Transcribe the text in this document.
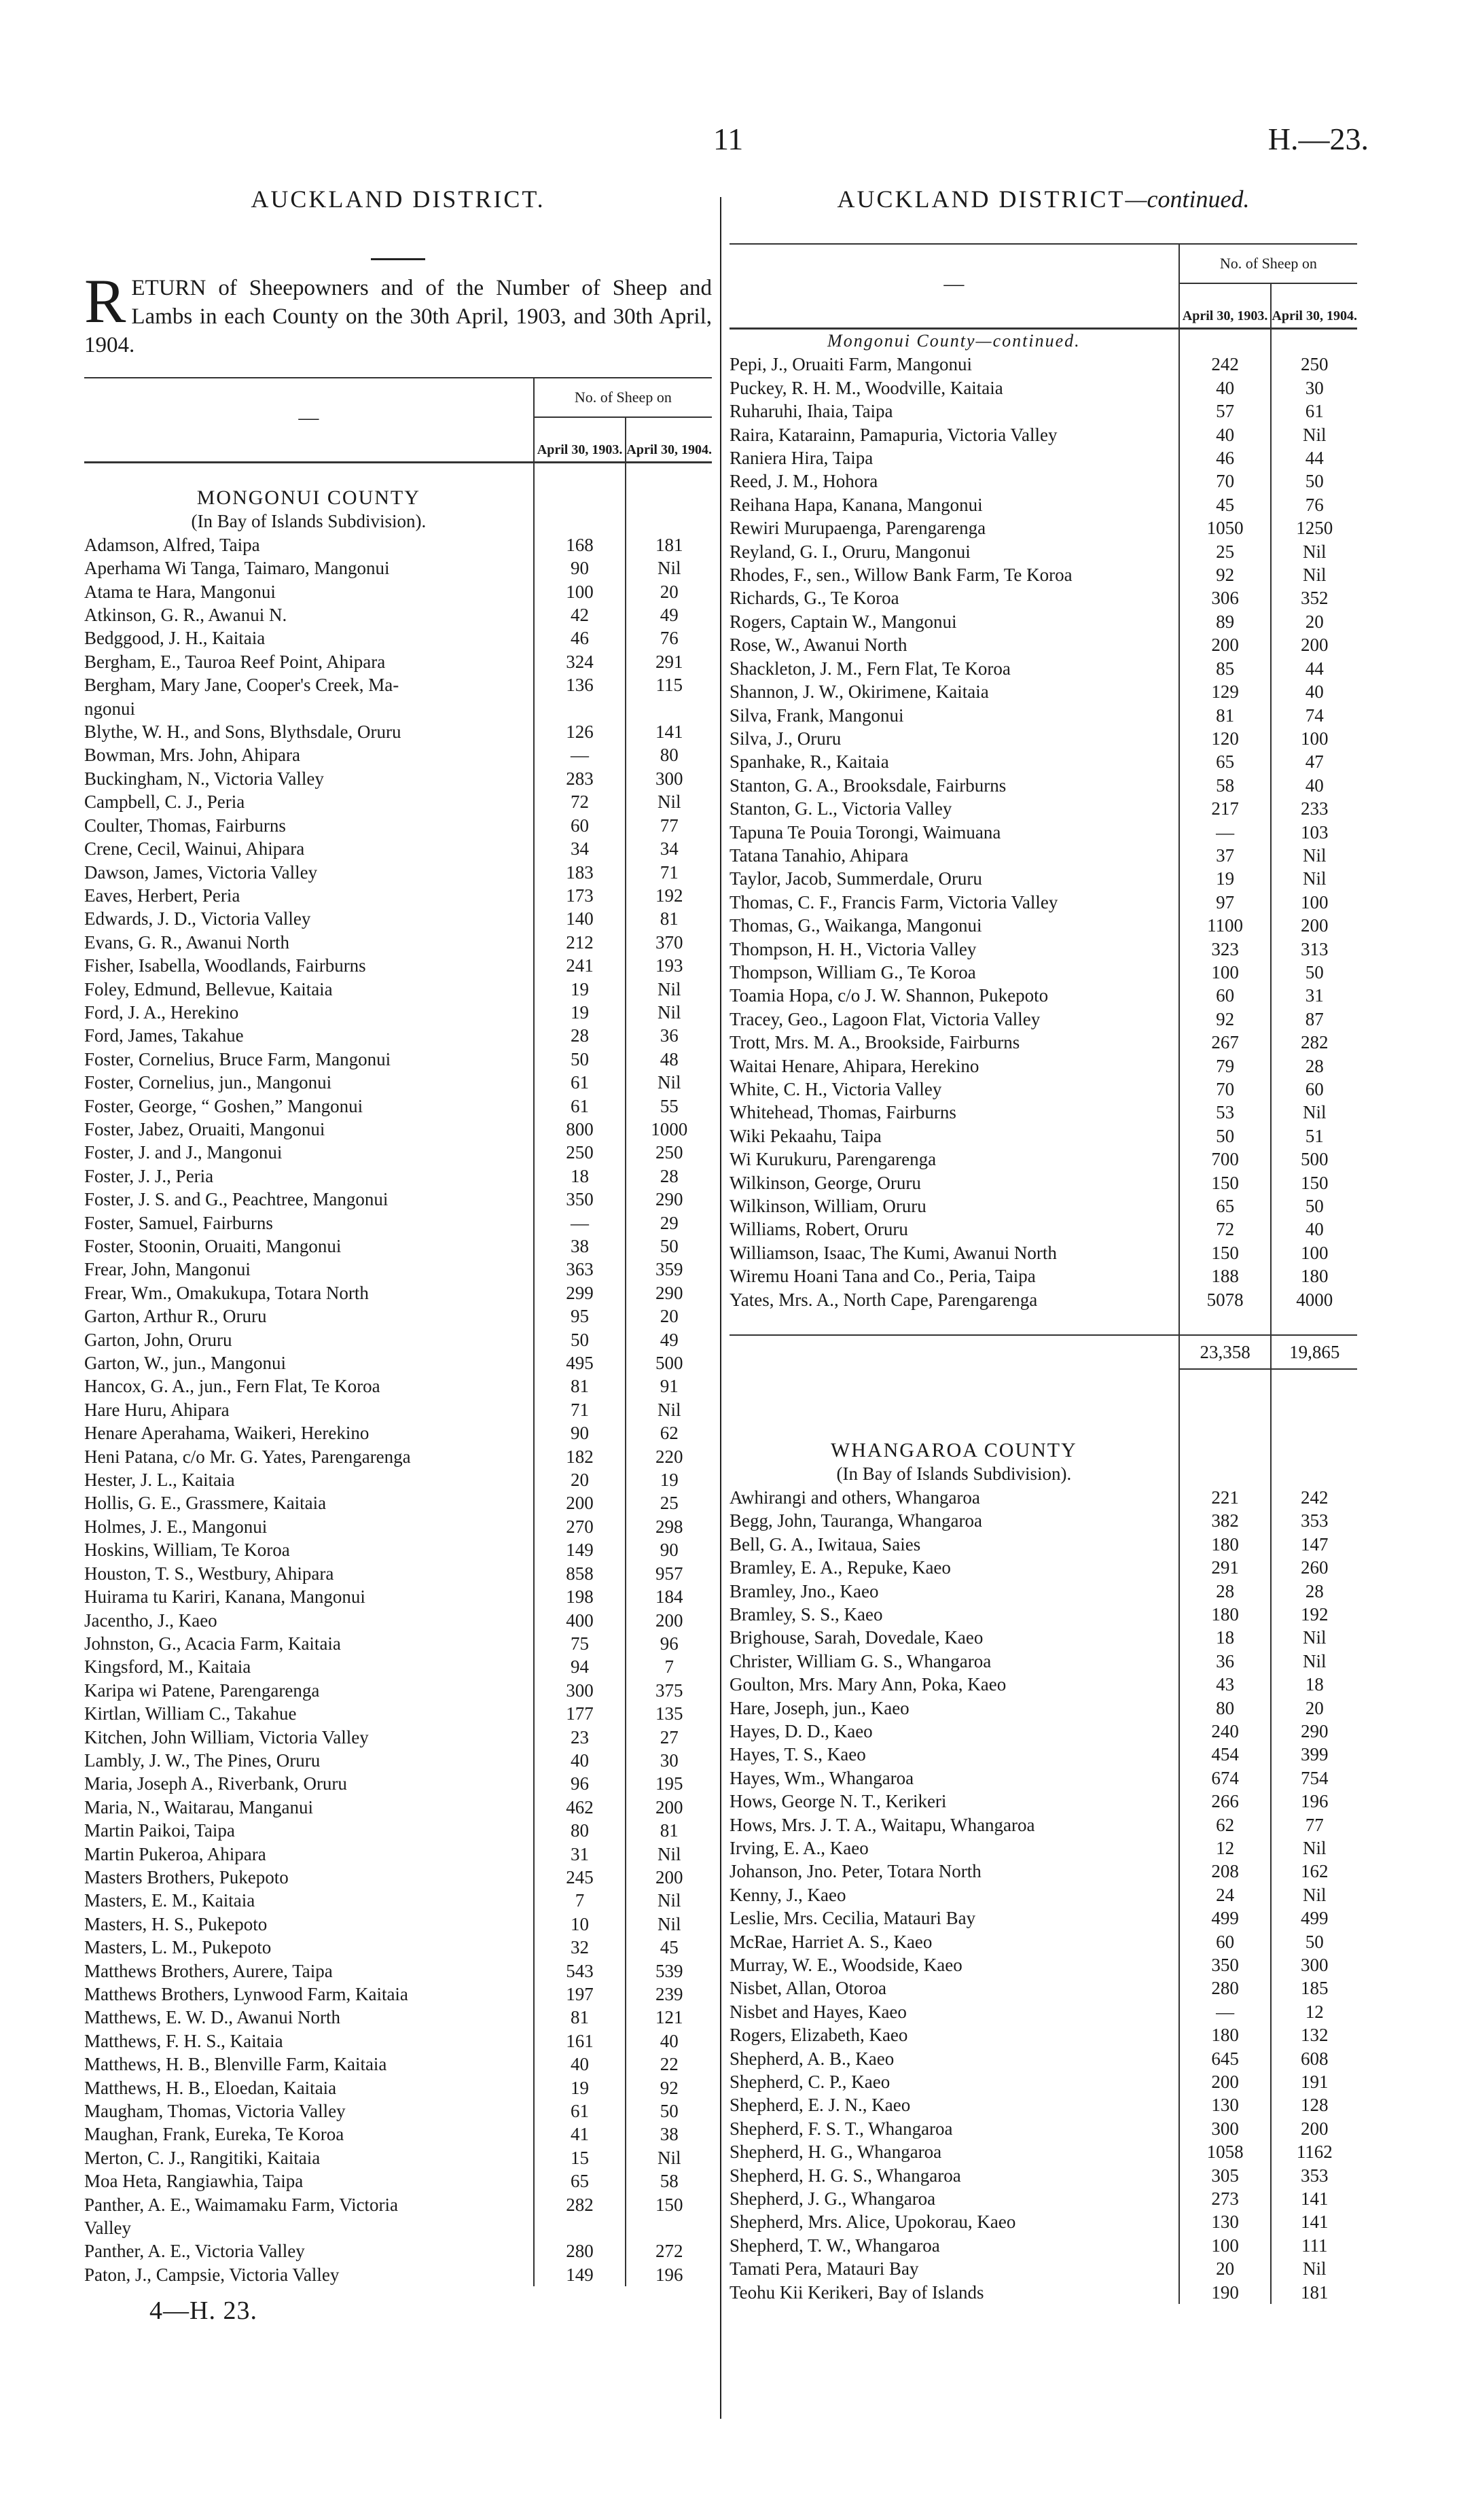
11	H.—23.
AUCKLAND DISTRICT.
R ETURN of Sheepowners and of the Number of Sheep and Lambs in each County on the 30th April, 1903, and 30th April, 1904.
—	No. of Sheep on	
	April 30, 1903.	April 30, 1904.

MONGONUI COUNTY		
(In Bay of Islands Subdivision).		

Adamson, Alfred, Taipa	168	181

Aperhama Wi Tanga, Taimaro, Mangonui	90	Nil

Atama te Hara, Mangonui	100	20

Atkinson, G. R., Awanui N.	42	49

Bedggood, J. H., Kaitaia	46	76

Bergham, E., Tauroa Reef Point, Ahipara	324	291

Bergham, Mary Jane, Cooper's Creek, Ma-	136	115

ngonui		

Blythe, W. H., and Sons, Blythsdale, Oruru	126	141

Bowman, Mrs. John, Ahipara	—	80

Buckingham, N., Victoria Valley	283	300

Campbell, C. J., Peria	72	Nil

Coulter, Thomas, Fairburns	60	77

Crene, Cecil, Wainui, Ahipara	34	34

Dawson, James, Victoria Valley	183	71

Eaves, Herbert, Peria	173	192

Edwards, J. D., Victoria Valley	140	81

Evans, G. R., Awanui North	212	370

Fisher, Isabella, Woodlands, Fairburns	241	193

Foley, Edmund, Bellevue, Kaitaia	19	Nil

Ford, J. A., Herekino	19	Nil

Ford, James, Takahue	28	36

Foster, Cornelius, Bruce Farm, Mangonui	50	48

Foster, Cornelius, jun., Mangonui	61	Nil

Foster, George, “ Goshen,” Mangonui	61	55

Foster, Jabez, Oruaiti, Mangonui	800	1000

Foster, J. and J., Mangonui	250	250

Foster, J. J., Peria	18	28

Foster, J. S. and G., Peachtree, Mangonui	350	290

Foster, Samuel, Fairburns	—	29

Foster, Stoonin, Oruaiti, Mangonui	38	50

Frear, John, Mangonui	363	359

Frear, Wm., Omakukupa, Totara North	299	290

Garton, Arthur R., Oruru	95	20

Garton, John, Oruru	50	49

Garton, W., jun., Mangonui	495	500

Hancox, G. A., jun., Fern Flat, Te Koroa	81	91

Hare Huru, Ahipara	71	Nil

Henare Aperahama, Waikeri, Herekino	90	62

Heni Patana, c/o Mr. G. Yates, Parengarenga	182	220

Hester, J. L., Kaitaia	20	19

Hollis, G. E., Grassmere, Kaitaia	200	25

Holmes, J. E., Mangonui	270	298

Hoskins, William, Te Koroa	149	90

Houston, T. S., Westbury, Ahipara	858	957

Huirama tu Kariri, Kanana, Mangonui	198	184

Jacentho, J., Kaeo	400	200

Johnston, G., Acacia Farm, Kaitaia	75	96

Kingsford, M., Kaitaia	94	7

Karipa wi Patene, Parengarenga	300	375

Kirtlan, William C., Takahue	177	135

Kitchen, John William, Victoria Valley	23	27

Lambly, J. W., The Pines, Oruru	40	30

Maria, Joseph A., Riverbank, Oruru	96	195

Maria, N., Waitarau, Manganui	462	200

Martin Paikoi, Taipa	80	81

Martin Pukeroa, Ahipara	31	Nil

Masters Brothers, Pukepoto	245	200

Masters, E. M., Kaitaia	7	Nil

Masters, H. S., Pukepoto	10	Nil

Masters, L. M., Pukepoto	32	45

Matthews Brothers, Aurere, Taipa	543	539

Matthews Brothers, Lynwood Farm, Kaitaia	197	239

Matthews, E. W. D., Awanui North	81	121

Matthews, F. H. S., Kaitaia	161	40

Matthews, H. B., Blenville Farm, Kaitaia	40	22

Matthews, H. B., Eloedan, Kaitaia	19	92

Maugham, Thomas, Victoria Valley	61	50

Maughan, Frank, Eureka, Te Koroa	41	38

Merton, C. J., Rangitiki, Kaitaia	15	Nil

Moa Heta, Rangiawhia, Taipa	65	58

Panther, A. E., Waimamaku Farm, Victoria	282	150

Valley		

Panther, A. E., Victoria Valley	280	272

Paton, J., Campsie, Victoria Valley	149	196
4—H. 23.
AUCKLAND DISTRICT—continued.
—	No. of Sheep on	
	April 30, 1903.	April 30, 1904.

Mongonui County—continued.		

Pepi, J., Oruaiti Farm, Mangonui	242	250

Puckey, R. H. M., Woodville, Kaitaia	40	30

Ruharuhi, Ihaia, Taipa	57	61

Raira, Katarainn, Pamapuria, Victoria Valley	40	Nil

Raniera Hira, Taipa	46	44

Reed, J. M., Hohora	70	50

Reihana Hapa, Kanana, Mangonui	45	76

Rewiri Murupaenga, Parengarenga	1050	1250

Reyland, G. I., Oruru, Mangonui	25	Nil

Rhodes, F., sen., Willow Bank Farm, Te Koroa	92	Nil

Richards, G., Te Koroa	306	352

Rogers, Captain W., Mangonui	89	20

Rose, W., Awanui North	200	200

Shackleton, J. M., Fern Flat, Te Koroa	85	44

Shannon, J. W., Okirimene, Kaitaia	129	40

Silva, Frank, Mangonui	81	74

Silva, J., Oruru	120	100

Spanhake, R., Kaitaia	65	47

Stanton, G. A., Brooksdale, Fairburns	58	40

Stanton, G. L., Victoria Valley	217	233

Tapuna Te Pouia Torongi, Waimuana	—	103

Tatana Tanahio, Ahipara	37	Nil

Taylor, Jacob, Summerdale, Oruru	19	Nil

Thomas, C. F., Francis Farm, Victoria Valley	97	100

Thomas, G., Waikanga, Mangonui	1100	200

Thompson, H. H., Victoria Valley	323	313

Thompson, William G., Te Koroa	100	50

Toamia Hopa, c/o J. W. Shannon, Pukepoto	60	31

Tracey, Geo., Lagoon Flat, Victoria Valley	92	87

Trott, Mrs. M. A., Brookside, Fairburns	267	282

Waitai Henare, Ahipara, Herekino	79	28

White, C. H., Victoria Valley	70	60

Whitehead, Thomas, Fairburns	53	Nil

Wiki Pekaahu, Taipa	50	51

Wi Kurukuru, Parengarenga	700	500

Wilkinson, George, Oruru	150	150

Wilkinson, William, Oruru	65	50

Williams, Robert, Oruru	72	40

Williamson, Isaac, The Kumi, Awanui North	150	100

Wiremu Hoani Tana and Co., Peria, Taipa	188	180

Yates, Mrs. A., North Cape, Parengarenga	5078	4000

	23,358	19,865

WHANGAROA COUNTY		
(In Bay of Islands Subdivision).		

Awhirangi and others, Whangaroa	221	242

Begg, John, Tauranga, Whangaroa	382	353

Bell, G. A., Iwitaua, Saies	180	147

Bramley, E. A., Repuke, Kaeo	291	260

Bramley, Jno., Kaeo	28	28

Bramley, S. S., Kaeo	180	192

Brighouse, Sarah, Dovedale, Kaeo	18	Nil

Christer, William G. S., Whangaroa	36	Nil

Goulton, Mrs. Mary Ann, Poka, Kaeo	43	18

Hare, Joseph, jun., Kaeo	80	20

Hayes, D. D., Kaeo	240	290

Hayes, T. S., Kaeo	454	399

Hayes, Wm., Whangaroa	674	754

Hows, George N. T., Kerikeri	266	196

Hows, Mrs. J. T. A., Waitapu, Whangaroa	62	77

Irving, E. A., Kaeo	12	Nil

Johanson, Jno. Peter, Totara North	208	162

Kenny, J., Kaeo	24	Nil

Leslie, Mrs. Cecilia, Matauri Bay	499	499

McRae, Harriet A. S., Kaeo	60	50

Murray, W. E., Woodside, Kaeo	350	300

Nisbet, Allan, Otoroa	280	185

Nisbet and Hayes, Kaeo	—	12

Rogers, Elizabeth, Kaeo	180	132

Shepherd, A. B., Kaeo	645	608

Shepherd, C. P., Kaeo	200	191

Shepherd, E. J. N., Kaeo	130	128

Shepherd, F. S. T., Whangaroa	300	200

Shepherd, H. G., Whangaroa	1058	1162

Shepherd, H. G. S., Whangaroa	305	353

Shepherd, J. G., Whangaroa	273	141

Shepherd, Mrs. Alice, Upokorau, Kaeo	130	141

Shepherd, T. W., Whangaroa	100	111

Tamati Pera, Matauri Bay	20	Nil

Teohu Kii Kerikeri, Bay of Islands	190	181
